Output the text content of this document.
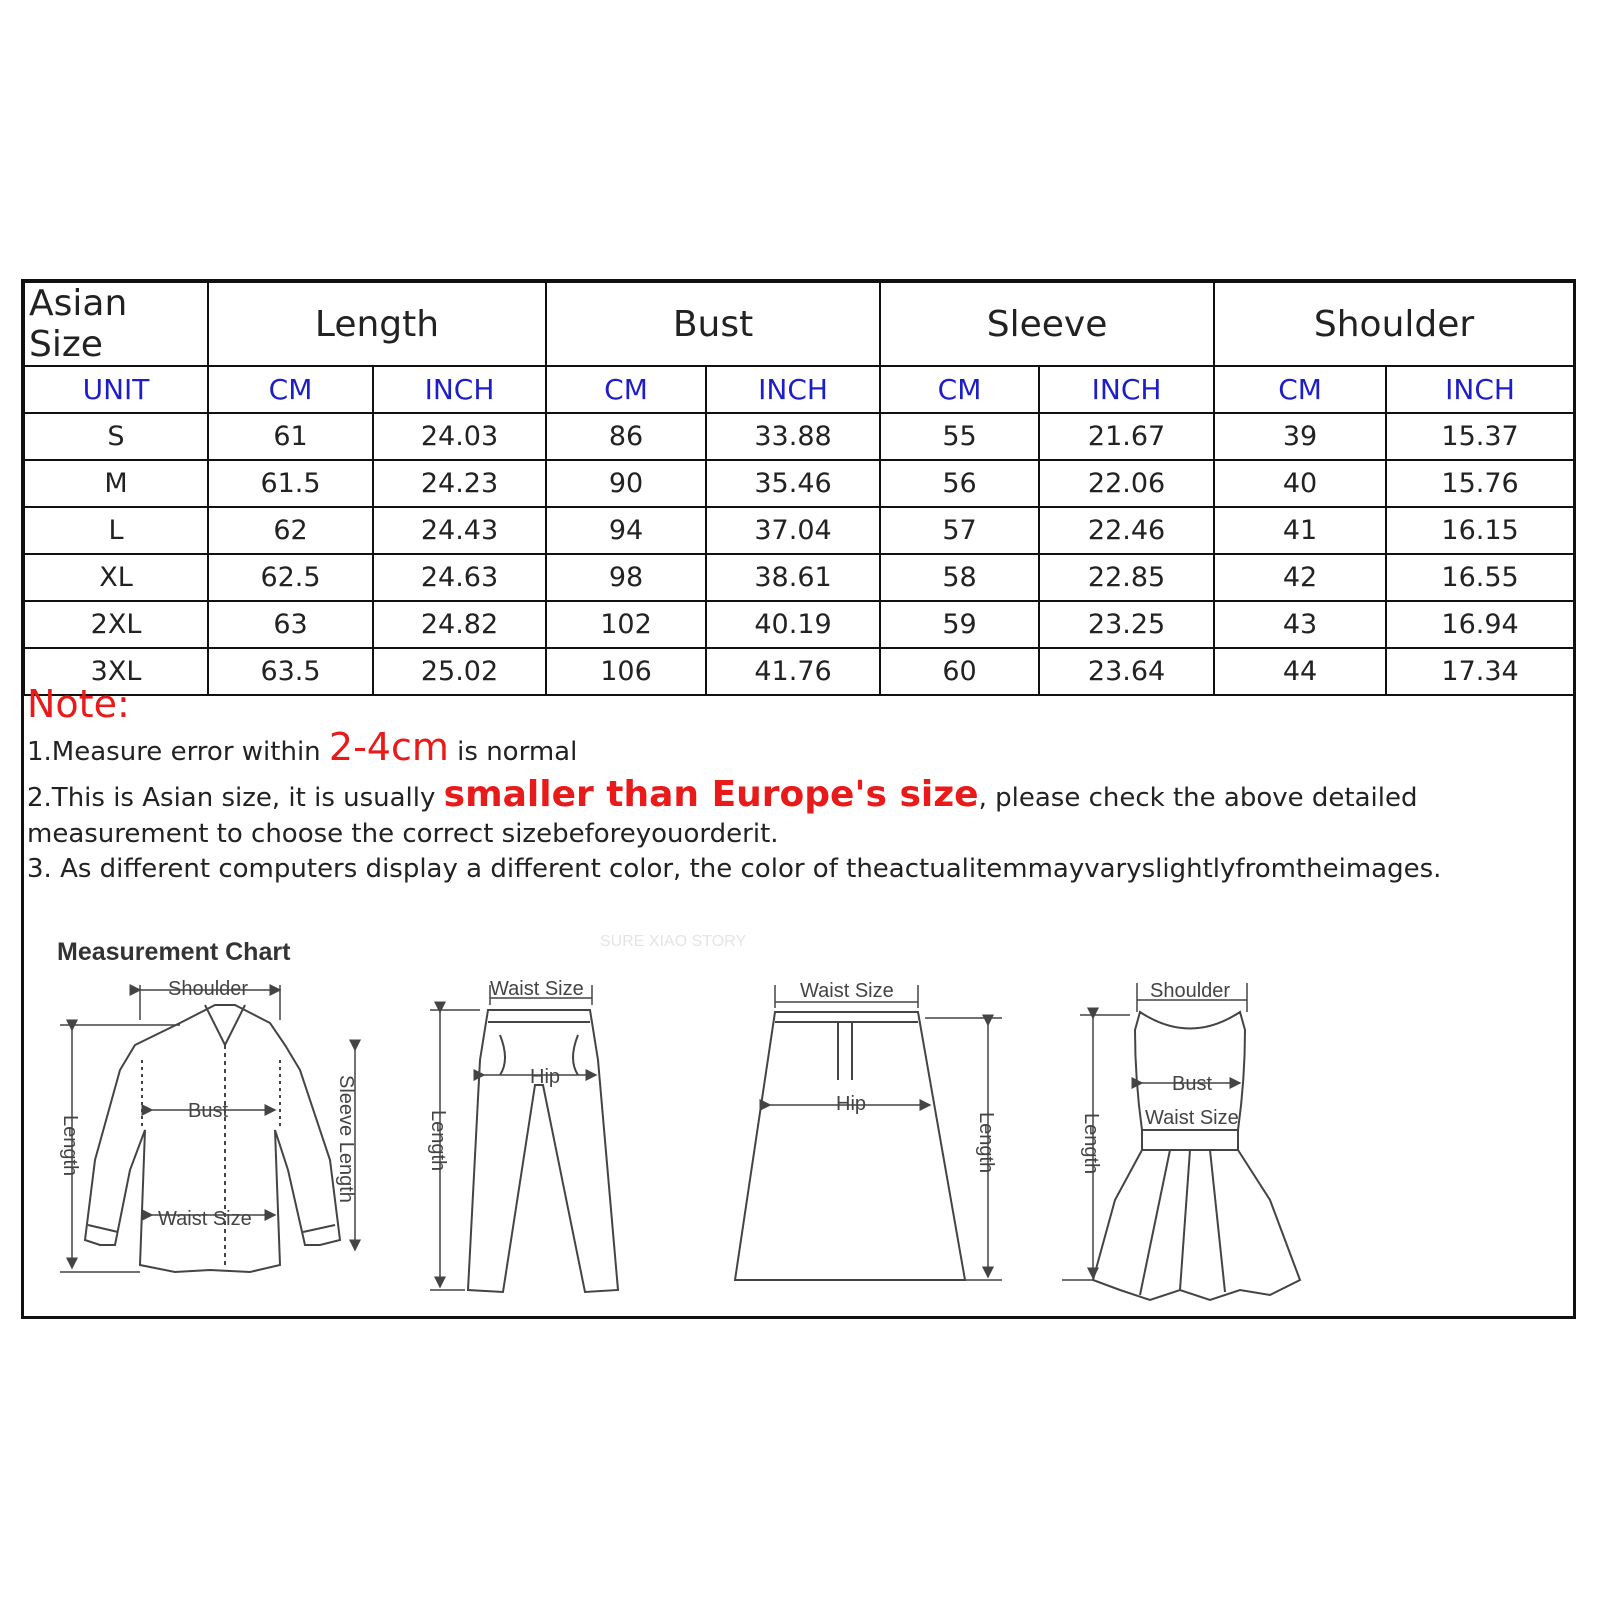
Asian Size	Length		Bust		Sleeve		Shoulder	
UNIT	CM	INCH	CM	INCH	CM	INCH	CM	INCH
S	61	24.03	86	33.88	55	21.67	39	15.37
M	61.5	24.23	90	35.46	56	22.06	40	15.76
L	62	24.43	94	37.04	57	22.46	41	16.15
XL	62.5	24.63	98	38.61	58	22.85	42	16.55
2XL	63	24.82	102	40.19	59	23.25	43	16.94
3XL	63.5	25.02	106	41.76	60	23.64	44	17.34

Note:

1.Measure error within 2-4cm is normal

2.This is Asian size, it is usually smaller than Europe's size, please check the above detailed measurement to choose the correct sizebeforeyouorderit.

3. As different computers display a different color, the color of theactualitemmayvaryslightlyfromtheimages.

Measurement Chart	SURE XIAO STORY
Shoulder
Bust
Waist Size
Length	Sleeve Length
Waist Size
Hip
Length
Waist Size
Hip
Length
Shoulder
Bust
Waist Size
Length
